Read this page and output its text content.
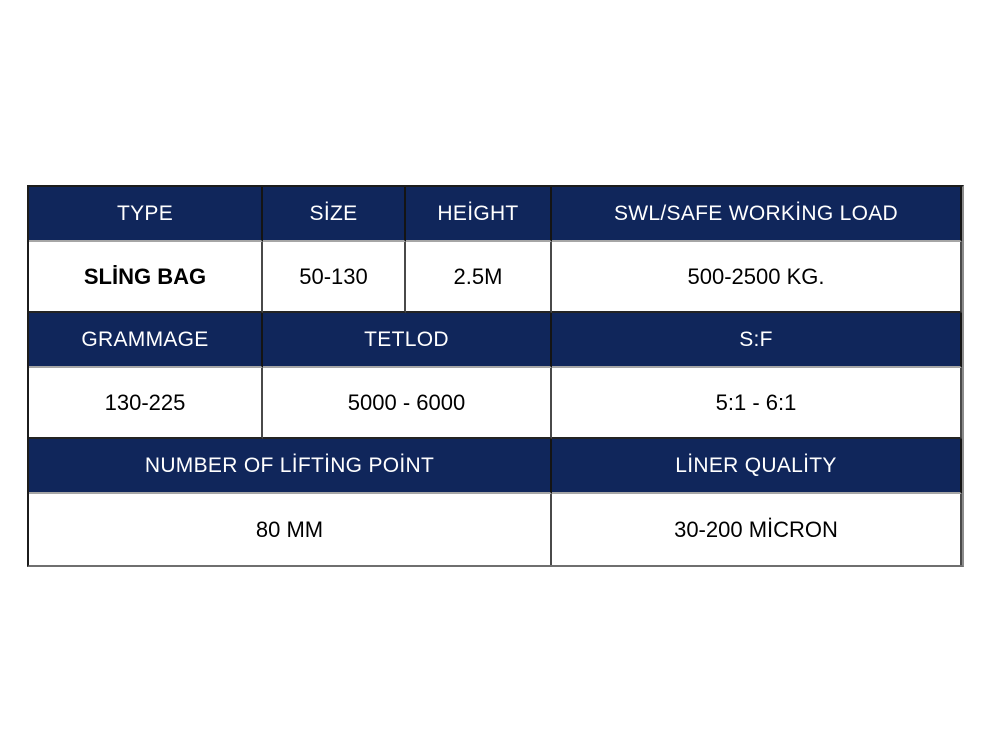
TYPE	SİZE	HEİGHT	SWL/SAFE WORKİNG LOAD
SLİNG BAG	50-130	2.5M	500-2500 KG.
GRAMMAGE	TETLOD		S:F
130-225	5000 - 6000		5:1 - 6:1
NUMBER OF LİFTİNG POİNT			LİNER QUALİTY
80 MM			30-200 MİCRON
